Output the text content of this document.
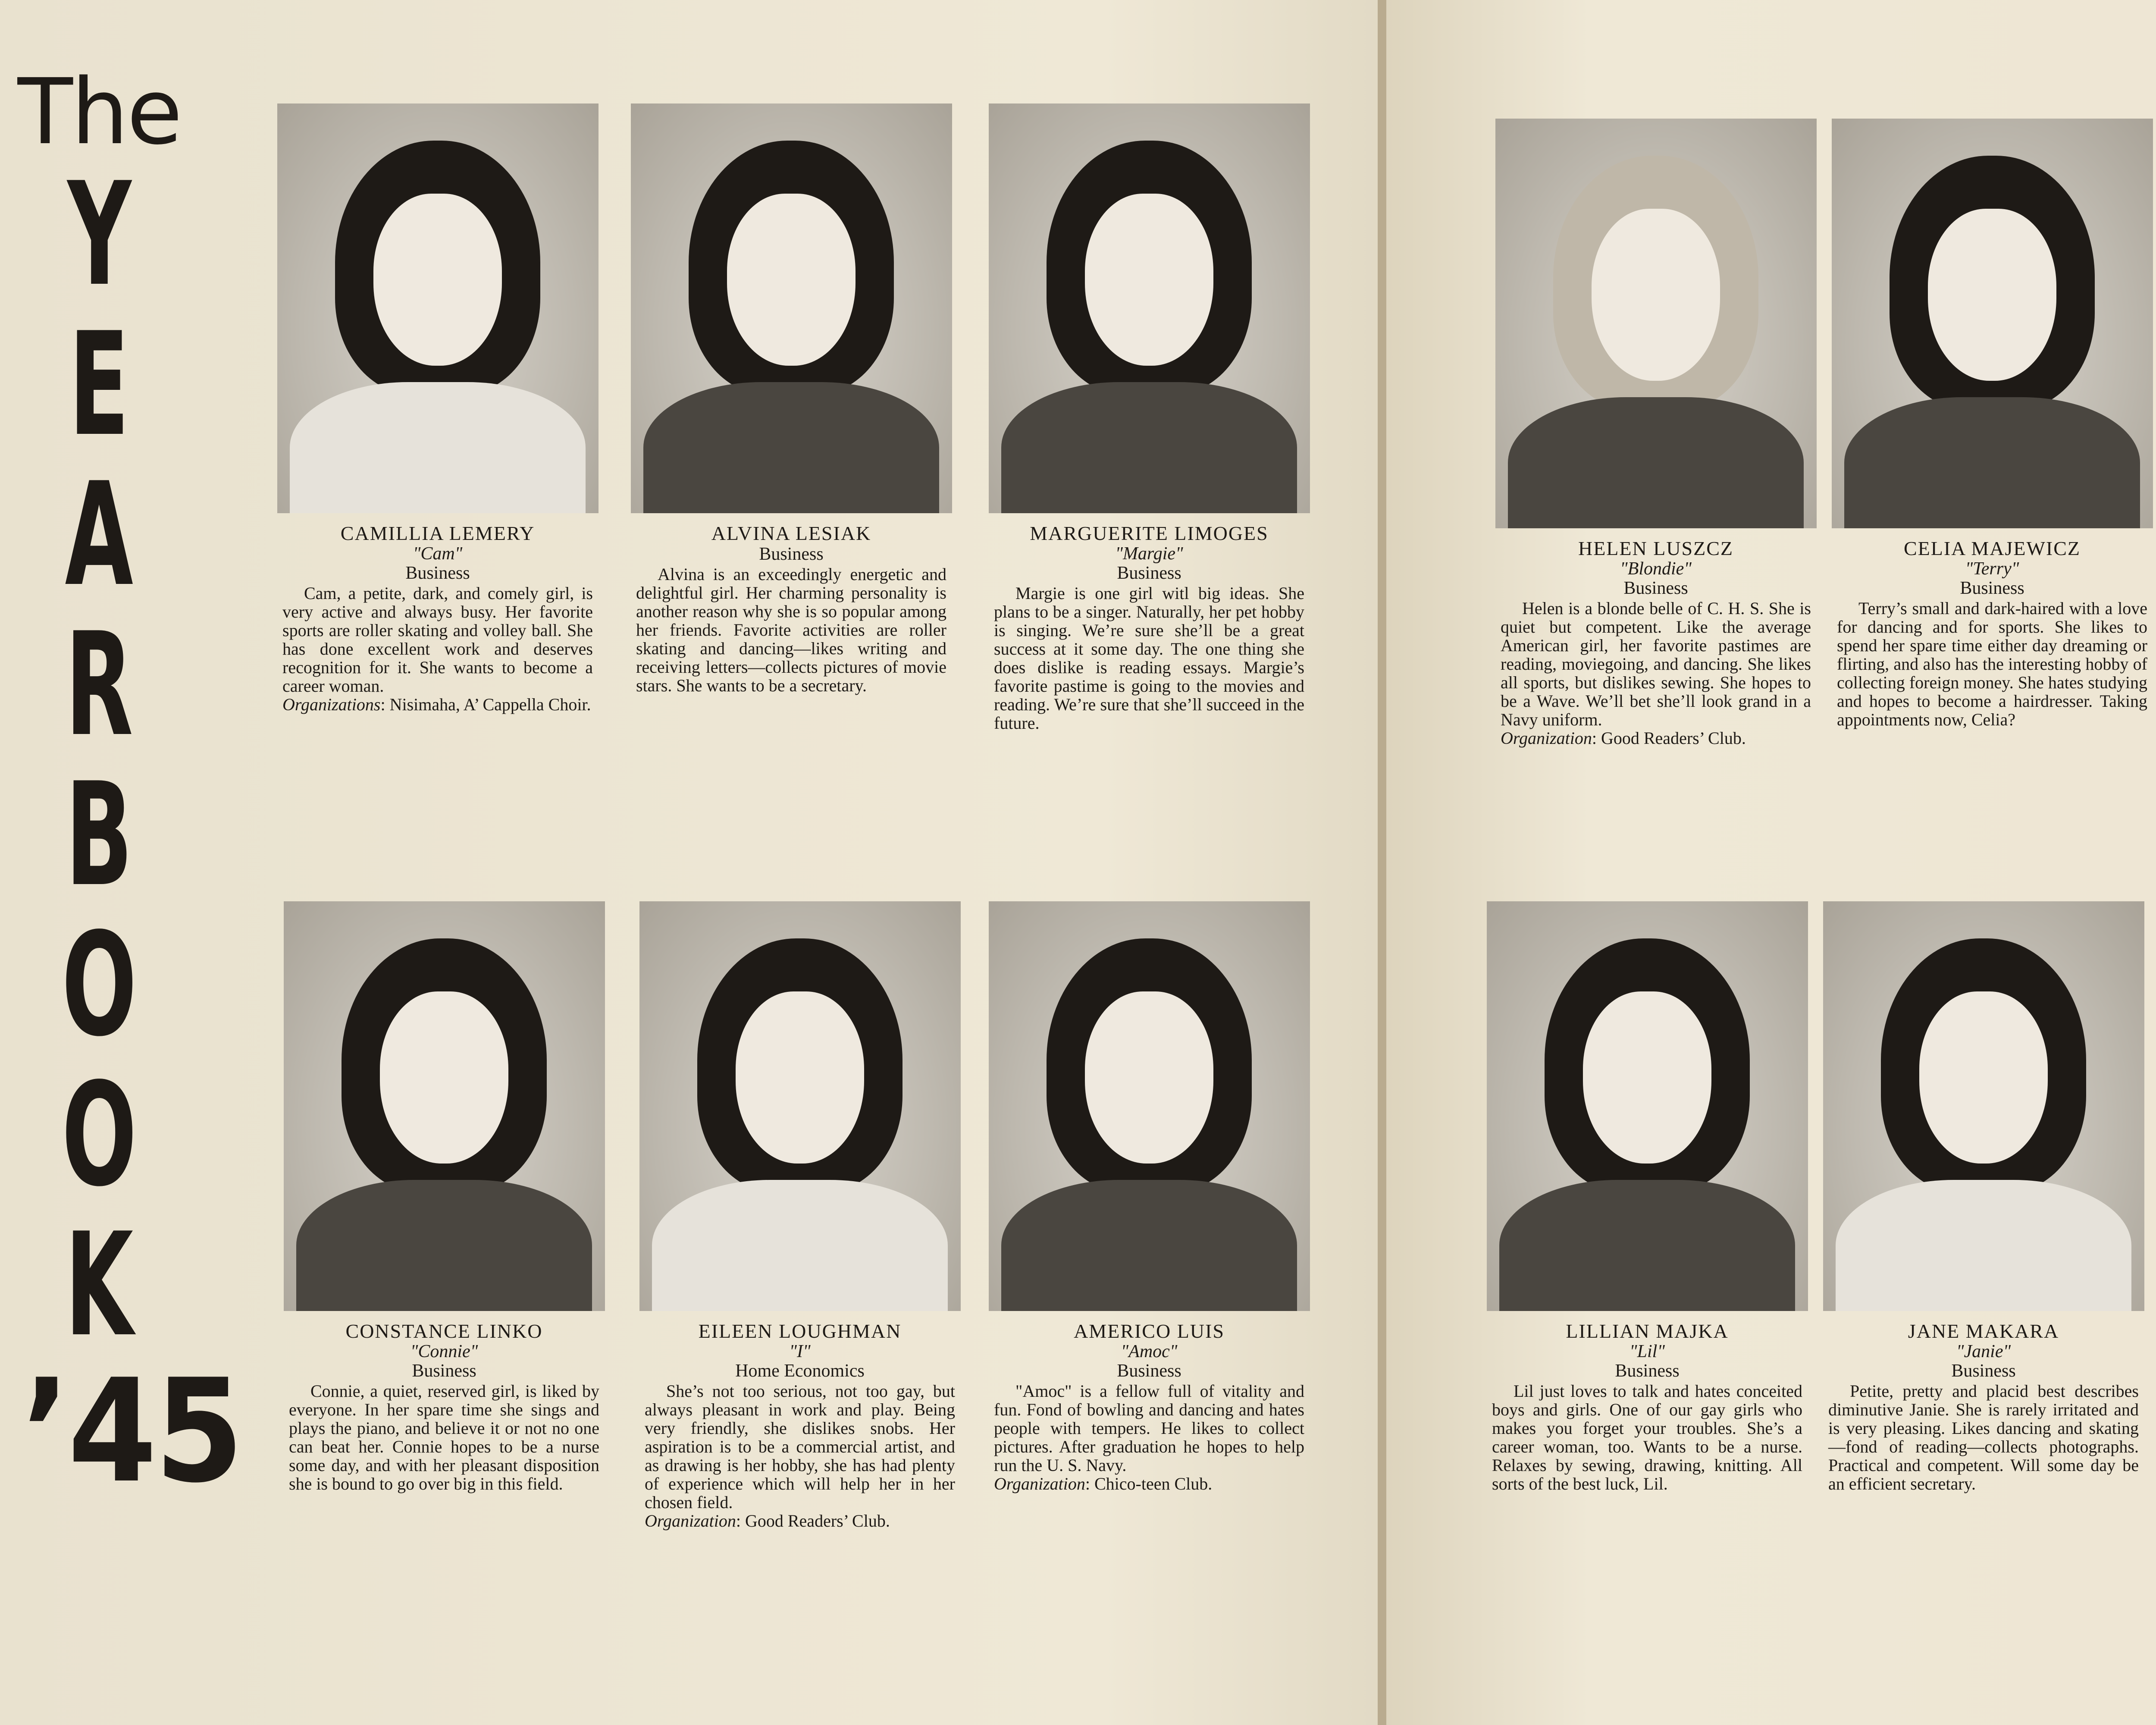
The
Y
E
A
R
B
O
O
K
’45
CAMILLIA LEMERY
"Cam"
Business
Cam, a petite, dark, and comely girl, is very active and always busy. Her favorite sports are roller skating and volley ball. She has done excellent work and deserves recognition for it. She wants to become a career woman.
Organizations: Nisimaha, A’ Cappella Choir.
ALVINA LESIAK
Business
Alvina is an exceedingly energetic and delightful girl. Her charming personality is another reason why she is so popular among her friends. Favorite activities are roller skating and dancing—likes writing and receiving letters—collects pictures of movie stars. She wants to be a secretary.
MARGUERITE LIMOGES
"Margie"
Business
Margie is one girl witl big ideas. She plans to be a singer. Naturally, her pet hobby is singing. We’re sure she’ll be a great success at it some day. The one thing she does dislike is reading essays. Margie’s favorite pastime is going to the movies and reading. We’re sure that she’ll succeed in the future.
CONSTANCE LINKO
"Connie"
Business
Connie, a quiet, reserved girl, is liked by everyone. In her spare time she sings and plays the piano, and believe it or not no one can beat her. Connie hopes to be a nurse some day, and with her pleasant disposition she is bound to go over big in this field.
EILEEN LOUGHMAN
"I"
Home Economics
She’s not too serious, not too gay, but always pleasant in work and play. Being very friendly, she dislikes snobs. Her aspiration is to be a commercial artist, and as drawing is her hobby, she has had plenty of experience which will help her in her chosen field.
Organization: Good Readers’ Club.
AMERICO LUIS
"Amoc"
Business
"Amoc" is a fellow full of vitality and fun. Fond of bowling and dancing and hates people with tempers. He likes to collect pictures. After graduation he hopes to help run the U. S. Navy.
Organization: Chico-teen Club.
HELEN LUSZCZ
"Blondie"
Business
Helen is a blonde belle of C. H. S. She is quiet but competent. Like the average American girl, her favorite pastimes are reading, moviegoing, and dancing. She likes all sports, but dislikes sewing. She hopes to be a Wave. We’ll bet she’ll look grand in a Navy uniform.
Organization: Good Readers’ Club.
CELIA MAJEWICZ
"Terry"
Business
Terry’s small and dark-haired with a love for dancing and for sports. She likes to spend her spare time either day dreaming or flirting, and also has the interesting hobby of collecting foreign money. She hates studying and hopes to become a hairdresser. Taking appointments now, Celia?
LILLIAN MAJKA
"Lil"
Business
Lil just loves to talk and hates conceited boys and girls. One of our gay girls who makes you forget your troubles. She’s a career woman, too. Wants to be a nurse. Relaxes by sewing, drawing, knitting. All sorts of the best luck, Lil.
JANE MAKARA
"Janie"
Business
Petite, pretty and placid best describes diminutive Janie. She is rarely irritated and is very pleasing. Likes dancing and skating—fond of reading—collects photographs. Practical and competent. Will some day be an efficient secretary.
